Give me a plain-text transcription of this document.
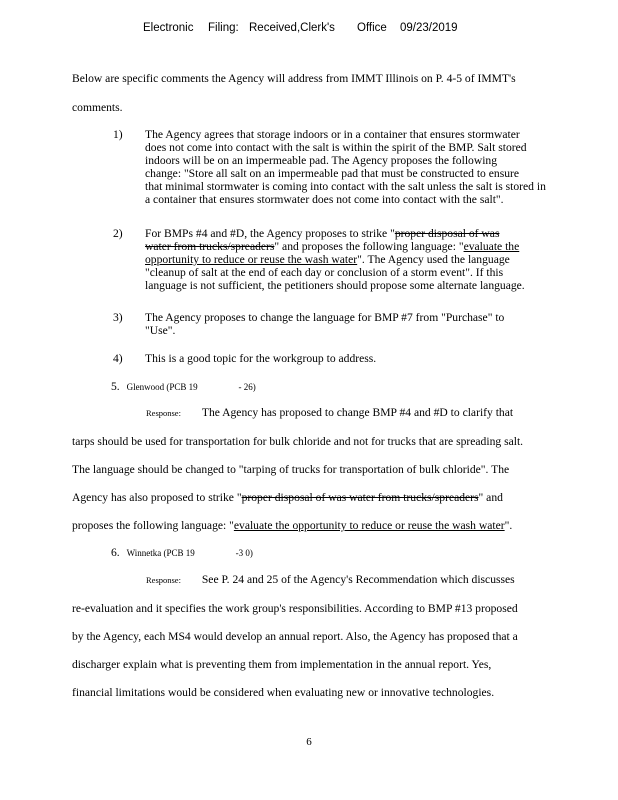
Electronic Filing: Received,Clerk's Office 09/23/2019
Below are specific comments the Agency will address from IMMT Illinois on P. 4-5 of IMMT's
comments.
1) The Agency agrees that storage indoors or in a container that ensures stormwater
does not come into contact with the salt is within the spirit of the BMP. Salt stored
indoors will be on an impermeable pad. The Agency proposes the following
change: "Store all salt on an impermeable pad that must be constructed to ensure
that minimal stormwater is coming into contact with the salt unless the salt is stored in
a container that ensures stormwater does not come into contact with the salt".
2) For BMPs #4 and #D, the Agency proposes to strike "proper disposal of was
water from trucks/spreaders" and proposes the following language: "evaluate the
opportunity to reduce or reuse the wash water". The Agency used the language
"cleanup of salt at the end of each day or conclusion of a storm event". If this
language is not sufficient, the petitioners should propose some alternate language.
3) The Agency proposes to change the language for BMP #7 from "Purchase" to
"Use".
4) This is a good topic for the workgroup to address.
5. Glenwood (PCB 19	- 26)
Response: The Agency has proposed to change BMP #4 and #D to clarify that
tarps should be used for transportation for bulk chloride and not for trucks that are spreading salt.
The language should be changed to "tarping of trucks for transportation of bulk chloride". The
Agency has also proposed to strike "proper disposal of was water from trucks/spreaders" and
proposes the following language: "evaluate the opportunity to reduce or reuse the wash water".
6. Winnetka (PCB 19	-3 0)
Response: See P. 24 and 25 of the Agency's Recommendation which discusses
re-evaluation and it specifies the work group's responsibilities. According to BMP #13 proposed
by the Agency, each MS4 would develop an annual report. Also, the Agency has proposed that a
discharger explain what is preventing them from implementation in the annual report. Yes,
financial limitations would be considered when evaluating new or innovative technologies.
6
